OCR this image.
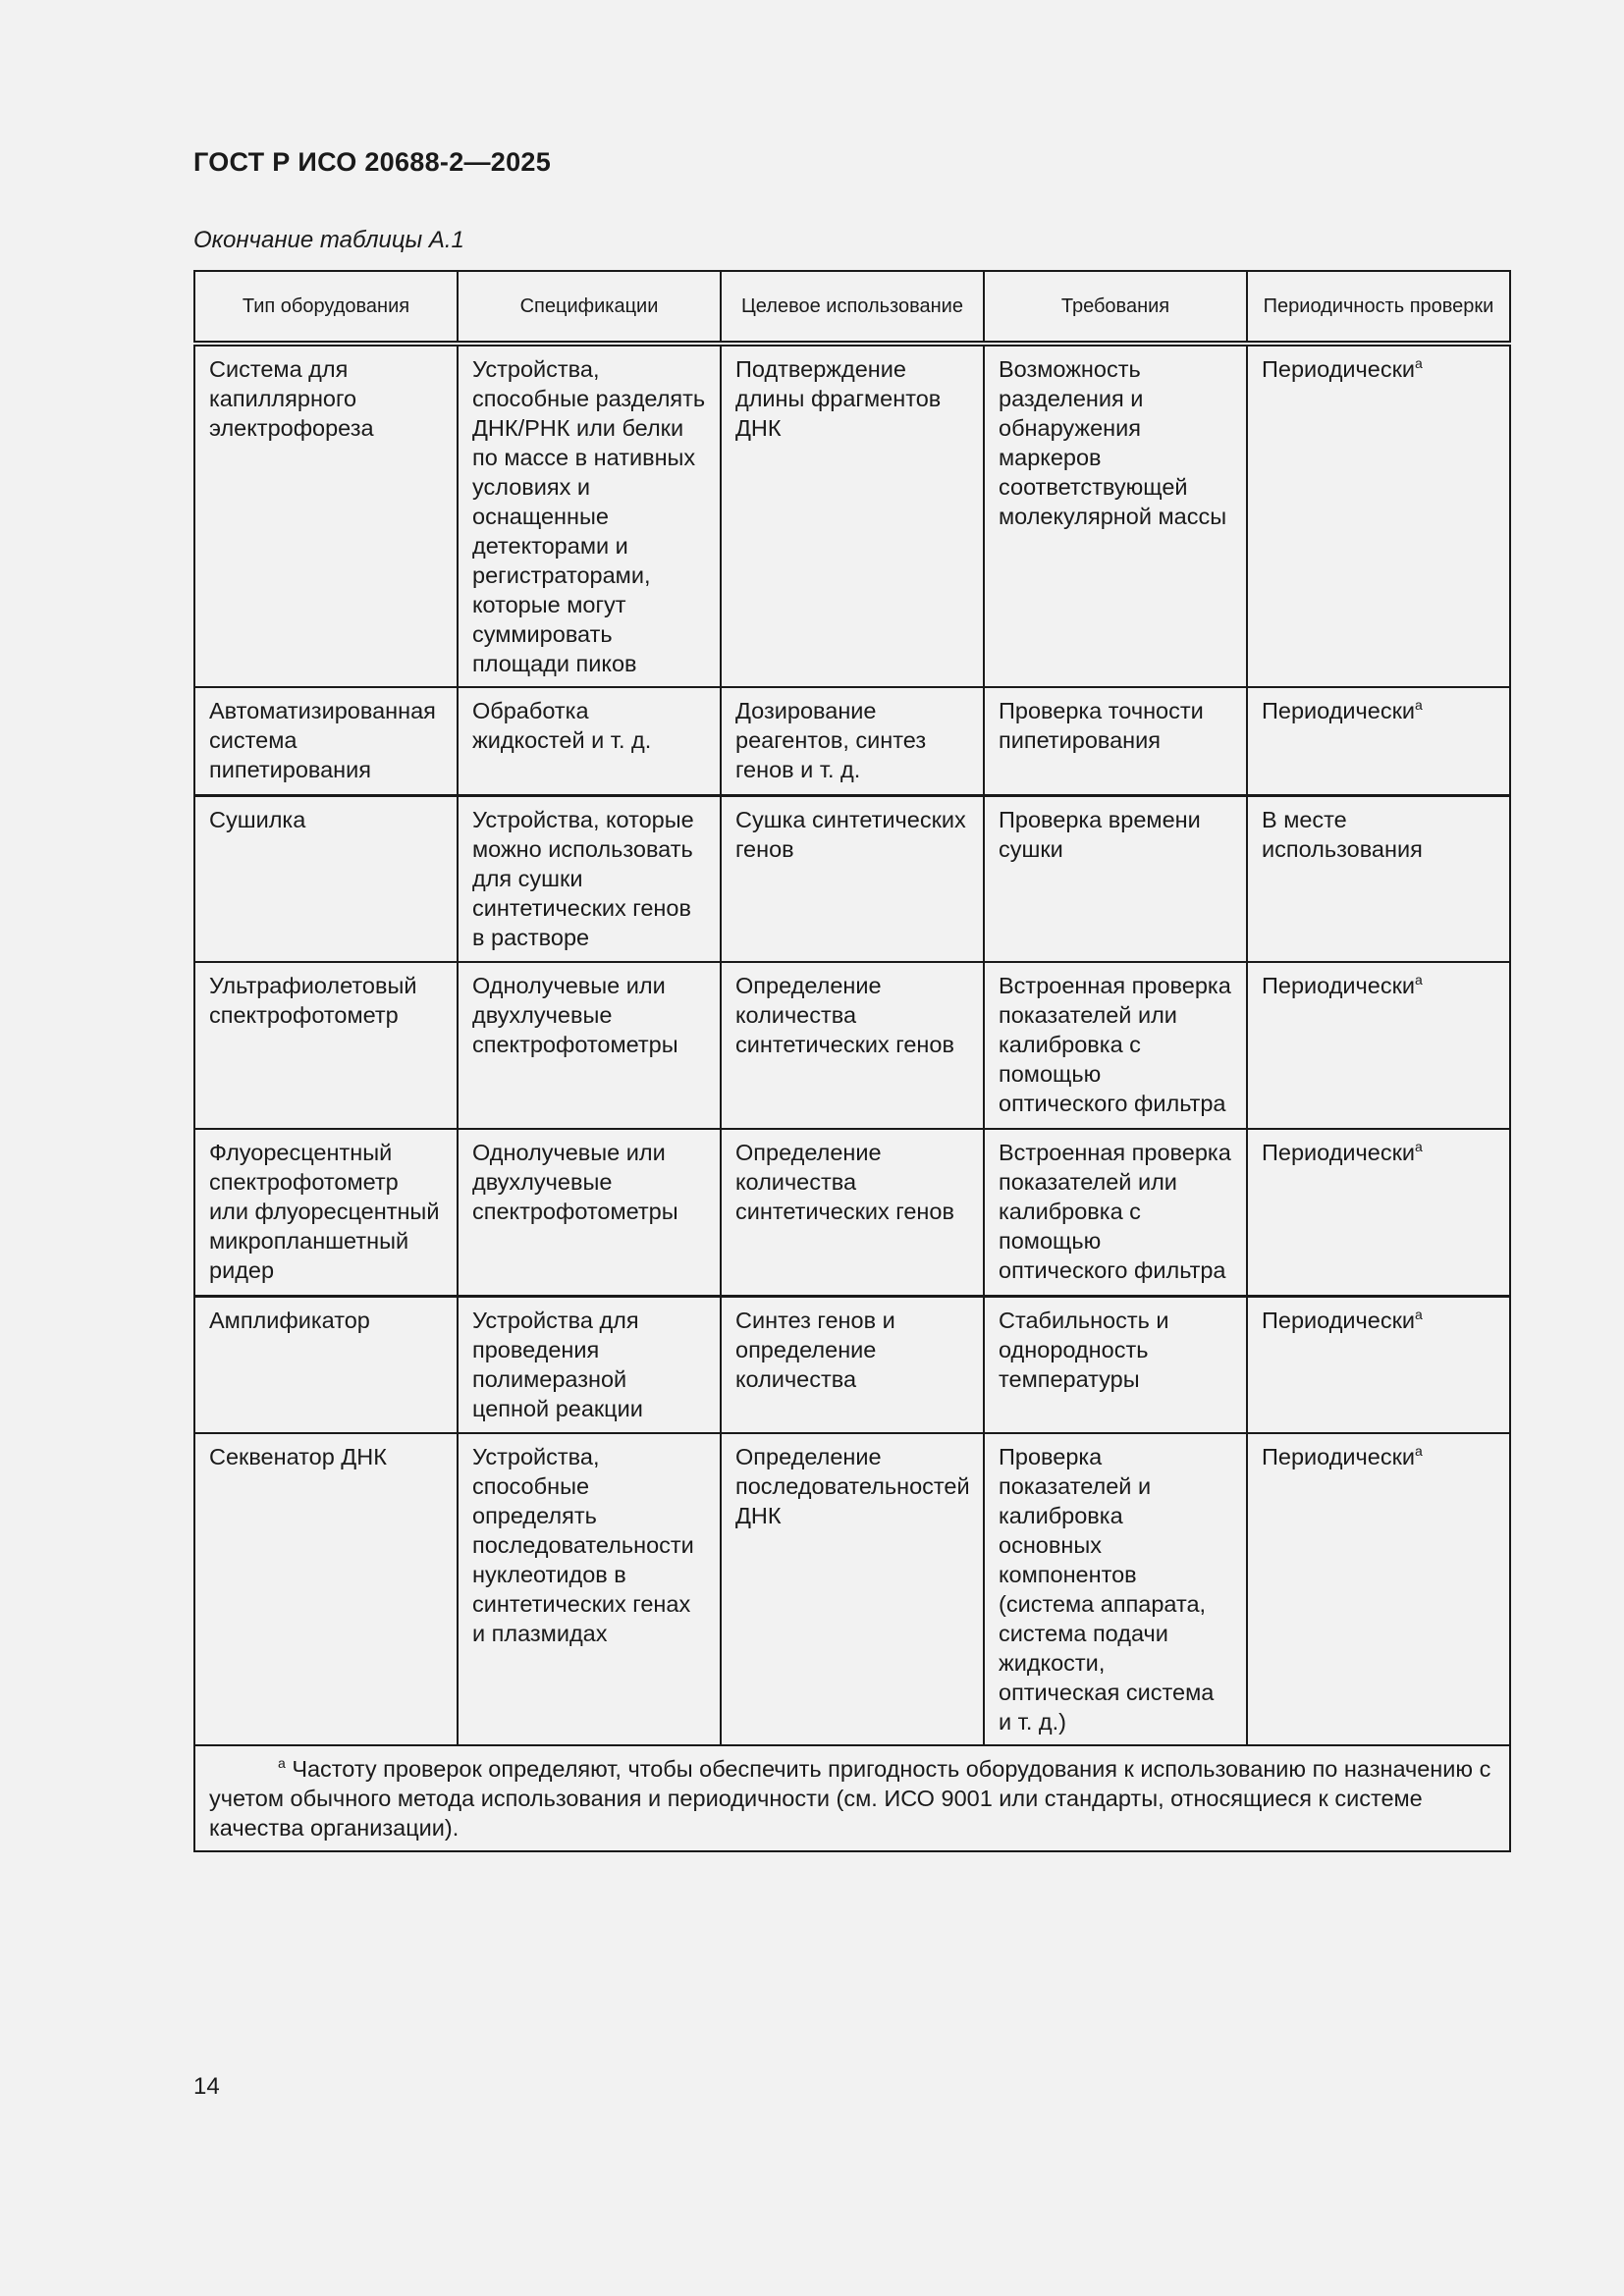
ГОСТ Р ИСО 20688-2—2025
Окончание таблицы А.1
Тип оборудования	Спецификации	Целевое использование	Требования	Периодичность проверки
Система для капиллярного электрофореза	Устройства, способные разделять ДНК/РНК или белки по массе в нативных условиях и оснащенные детекторами и регистраторами, которые могут суммировать площади пиков	Подтверждение длины фрагментов ДНК	Возможность разделения и обнаружения маркеров соответствующей молекулярной массы	Периодически$^a$
Автоматизированная система пипетирования	Обработка жидкостей и т. д.	Дозирование реагентов, синтез генов и т. д.	Проверка точности пипетирования	Периодически$^a$
Сушилка	Устройства, которые можно использовать для сушки синтетических генов в растворе	Сушка синтетических генов	Проверка времени сушки	В месте использования
Ультрафиолетовый спектрофотометр	Однолучевые или двухлучевые спектрофотометры	Определение количества синтетических генов	Встроенная проверка показателей или калибровка с помощью оптического фильтра	Периодически$^a$
Флуоресцентный спектрофотометр или флуоресцентный микропланшетный ридер	Однолучевые или двухлучевые спектрофотометры	Определение количества синтетических генов	Встроенная проверка показателей или калибровка с помощью оптического фильтра	Периодически$^a$
Амплификатор	Устройства для проведения полимеразной цепной реакции	Синтез генов и определение количества	Стабильность и однородность температуры	Периодически$^a$
Секвенатор ДНК	Устройства, способные определять последовательности нуклеотидов в синтетических генах и плазмидах	Определение последовательностей ДНК	Проверка показателей и калибровка основных компонентов (система аппарата, система подачи жидкости, оптическая система и т. д.)	Периодически$^a$

$^a$ Частоту проверок определяют, чтобы обеспечить пригодность оборудования к использованию по назначению с учетом обычного метода использования и периодичности (см. ИСО 9001 или стандарты, относящиеся к системе качества организации).				
14
